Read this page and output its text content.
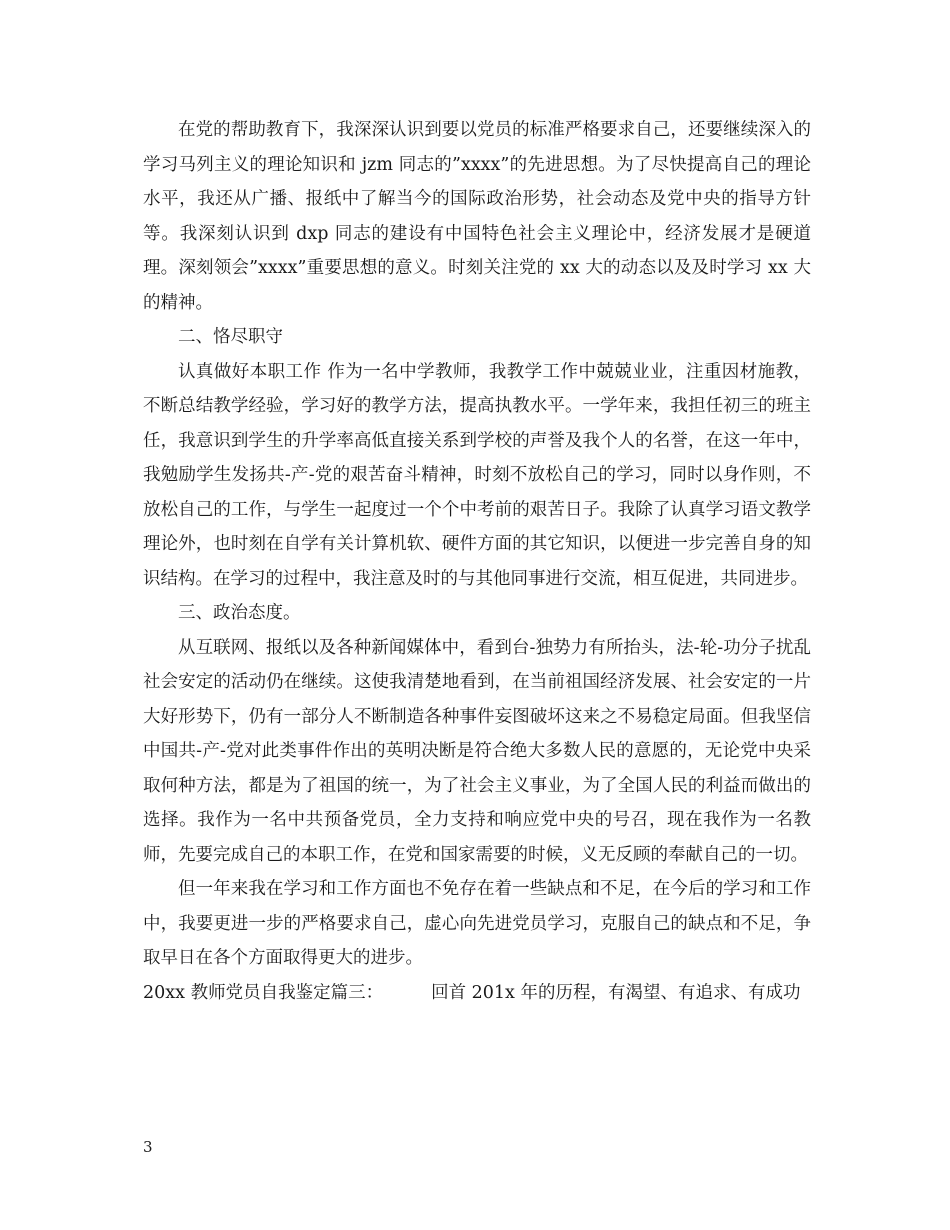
在党的帮助教育下，我深深认识到要以党员的标准严格要求自己，还要继续深入的学习马列主义的理论知识和 jzm 同志的”xxxx”的先进思想。为了尽快提高自己的理论水平，我还从广播、报纸中了解当今的国际政治形势，社会动态及党中央的指导方针等。我深刻认识到 dxp 同志的建设有中国特色社会主义理论中，经济发展才是硬道理。深刻领会”xxxx”重要思想的意义。时刻关注党的 xx 大的动态以及及时学习 xx 大的精神。

二、恪尽职守

认真做好本职工作 作为一名中学教师，我教学工作中兢兢业业，注重因材施教，不断总结教学经验，学习好的教学方法，提高执教水平。一学年来，我担任初三的班主任，我意识到学生的升学率高低直接关系到学校的声誉及我个人的名誉，在这一年中，我勉励学生发扬共-产-党的艰苦奋斗精神，时刻不放松自己的学习，同时以身作则，不放松自己的工作，与学生一起度过一个个中考前的艰苦日子。我除了认真学习语文教学理论外，也时刻在自学有关计算机软、硬件方面的其它知识，以便进一步完善自身的知识结构。在学习的过程中，我注意及时的与其他同事进行交流，相互促进，共同进步。

三、政治态度。

从互联网、报纸以及各种新闻媒体中，看到台-独势力有所抬头，法-轮-功分子扰乱社会安定的活动仍在继续。这使我清楚地看到，在当前祖国经济发展、社会安定的一片大好形势下，仍有一部分人不断制造各种事件妄图破坏这来之不易稳定局面。但我坚信中国共-产-党对此类事件作出的英明决断是符合绝大多数人民的意愿的，无论党中央采取何种方法，都是为了祖国的统一，为了社会主义事业，为了全国人民的利益而做出的选择。我作为一名中共预备党员，全力支持和响应党中央的号召，现在我作为一名教师，先要完成自己的本职工作，在党和国家需要的时候，义无反顾的奉献自己的一切。

但一年来我在学习和工作方面也不免存在着一些缺点和不足，在今后的学习和工作中，我要更进一步的严格要求自己，虚心向先进党员学习，克服自己的缺点和不足，争取早日在各个方面取得更大的进步。

20xx 教师党员自我鉴定篇三：	回首 201x 年的历程，有渴望、有追求、有成功

3
